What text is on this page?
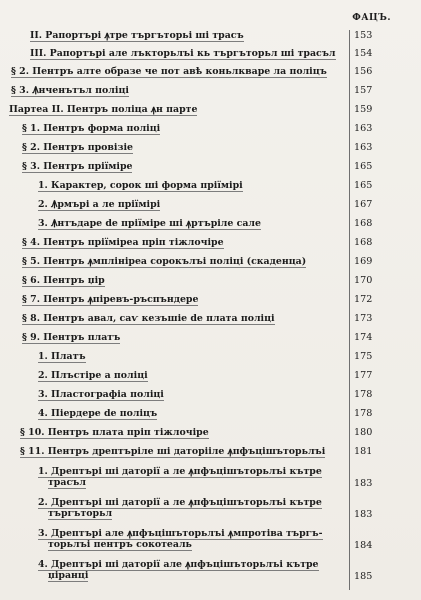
ФАЦЪ.
II. Рапортърі ꙟтре търгъторьі ші трасъ	153
III. Рапортърі але лъкторьлъі кь търгъторьл ші трасъл 154
§ 2. Пентръ алте образе че пот авѣ коньлкваре ла поліцъ	156
§ 3. Ꙟнченътъл поліці	157
Партеа II. Пентръ поліца ꙟн парте	159
§ 1. Пентръ форма поліці	163
§ 2. Пентръ провізіе	163
§ 3. Пентръ пріїміре	165
1. Карактер, сорок ші форма пріїмірі	165
2. Ꙟрмърі а ле пріїмірі	167
3. Ꙟнтъдаре de пріїміре ші ꙟртъріле сале	168
§ 4. Пентръ пріїміреа пріп тіжлочіре	168
§ 5. Пентръ ꙟмплініреа сорокълъі поліці (скаденца)	169
§ 6. Пентръ џір	170
§ 7. Пентръ ꙟпіревъ-ръспъндере	172
§ 8. Пентръ авал, саѵ кезъшіе de плата поліці	173
§ 9. Пентръ платъ	174
1. Платъ	175
2. Плъстіре а поліці	177
3. Пластографіа поліці	178
4. Піердере de поліцъ	178
§ 10. Пентръ плата пріп тіжлочіре	180
§ 11. Пентръ дрептъріле ші даторііле ꙟпфъцішъторьлъі	181
1. Дрептърі ші даторії а ле ꙟпфъцішъторьлъі кътре
трасъл	183
2. Дрептърі ші даторії а ле ꙟпфъцішъторьлъі кътре
търгъторьл	183
3. Дрептърі але ꙟпфъцішъторьлъі ꙟмпротіва търгъ-
торьлъі пентръ сокотеаль	184
4. Дрептърі ші даторії але ꙟпфъцішъторьлъі кътре
џіранці	185
